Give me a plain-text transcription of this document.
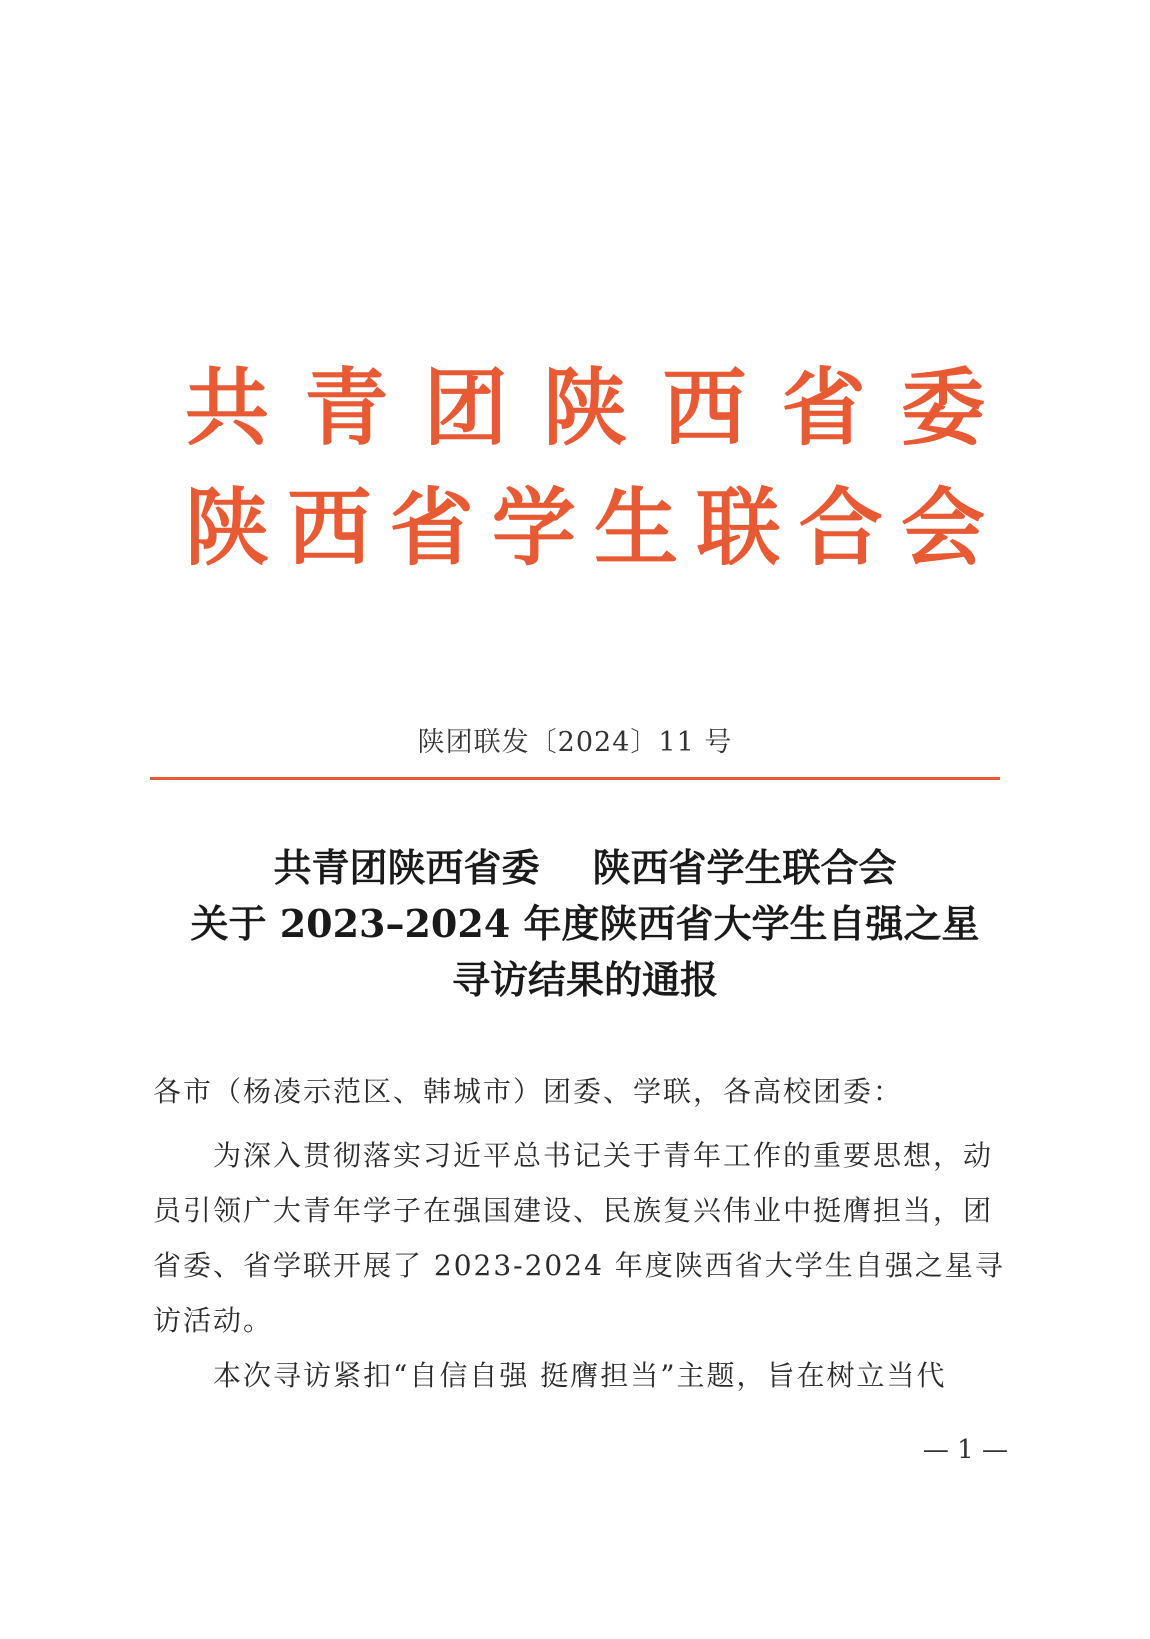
共 青 团 陕 西 省 委
陕 西 省 学 生 联 合 会
陕团联发〔2024〕11 号
共青团陕西省委    陕西省学生联合会
关于 2023–2024 年度陕西省大学生自强之星
寻访结果的通报
各市（杨凌示范区、韩城市）团委、学联，各高校团委：
为深入贯彻落实习近平总书记关于青年工作的重要思想，动员引领广大青年学子在强国建设、民族复兴伟业中挺膺担当，团省委、省学联开展了 2023-2024 年度陕西省大学生自强之星寻访活动。
本次寻访紧扣“自信自强 挺膺担当”主题，旨在树立当代
— 1 —
